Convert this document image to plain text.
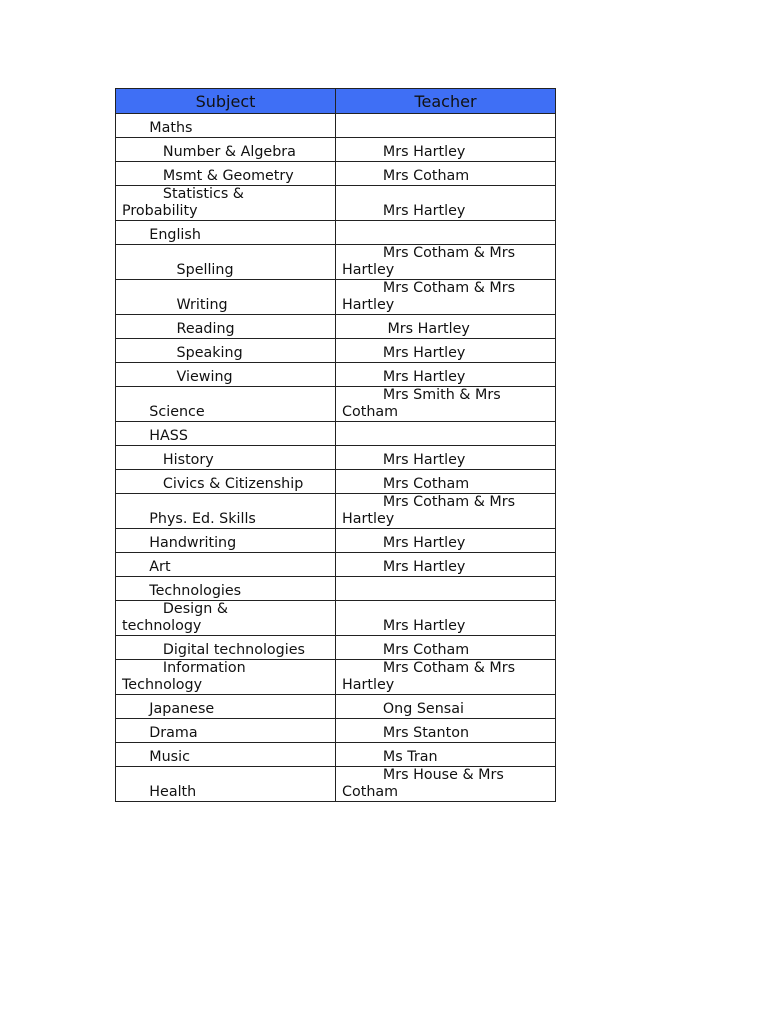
Subject	Teacher
Maths	
Number & Algebra	Mrs Hartley
Msmt & Geometry	Mrs Cotham
Statistics &
Probability	Mrs Hartley
English	
Spelling	Mrs Cotham & Mrs
Hartley
Writing	Mrs Cotham & Mrs
Hartley
Reading	Mrs Hartley
Speaking	Mrs Hartley
Viewing	Mrs Hartley
Science	Mrs Smith & Mrs
Cotham
HASS	
History	Mrs Hartley
Civics & Citizenship	Mrs Cotham
Phys. Ed. Skills	Mrs Cotham & Mrs
Hartley
Handwriting	Mrs Hartley
Art	Mrs Hartley
Technologies	
Design &
technology	Mrs Hartley
Digital technologies	Mrs Cotham
Information
Technology	Mrs Cotham & Mrs
Hartley
Japanese	Ong Sensai
Drama	Mrs Stanton
Music	Ms Tran
Health	Mrs House & Mrs
Cotham
